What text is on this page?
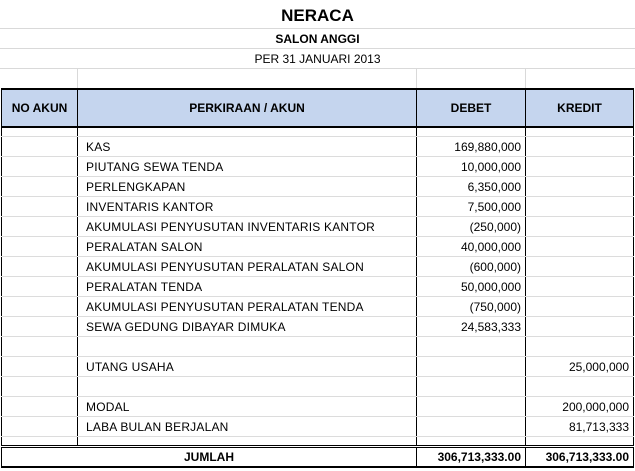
NERACA
SALON ANGGI
PER 31 JANUARI 2013
NO AKUN	PERKIRAAN / AKUN	DEBET	KREDIT

	KAS	169,880,000	
	PIUTANG SEWA TENDA	10,000,000	
	PERLENGKAPAN	6,350,000	
	INVENTARIS KANTOR	7,500,000	
	AKUMULASI PENYUSUTAN INVENTARIS KANTOR	(250,000)	
	PERALATAN SALON	40,000,000	
	AKUMULASI PENYUSUTAN PERALATAN SALON	(600,000)	
	PERALATAN TENDA	50,000,000	
	AKUMULASI PENYUSUTAN PERALATAN TENDA	(750,000)	
	SEWA GEDUNG DIBAYAR DIMUKA	24,583,333	

	UTANG USAHA		25,000,000

	MODAL		200,000,000
	LABA BULAN BERJALAN		81,713,333

JUMLAH		306,713,333.00	306,713,333.00
